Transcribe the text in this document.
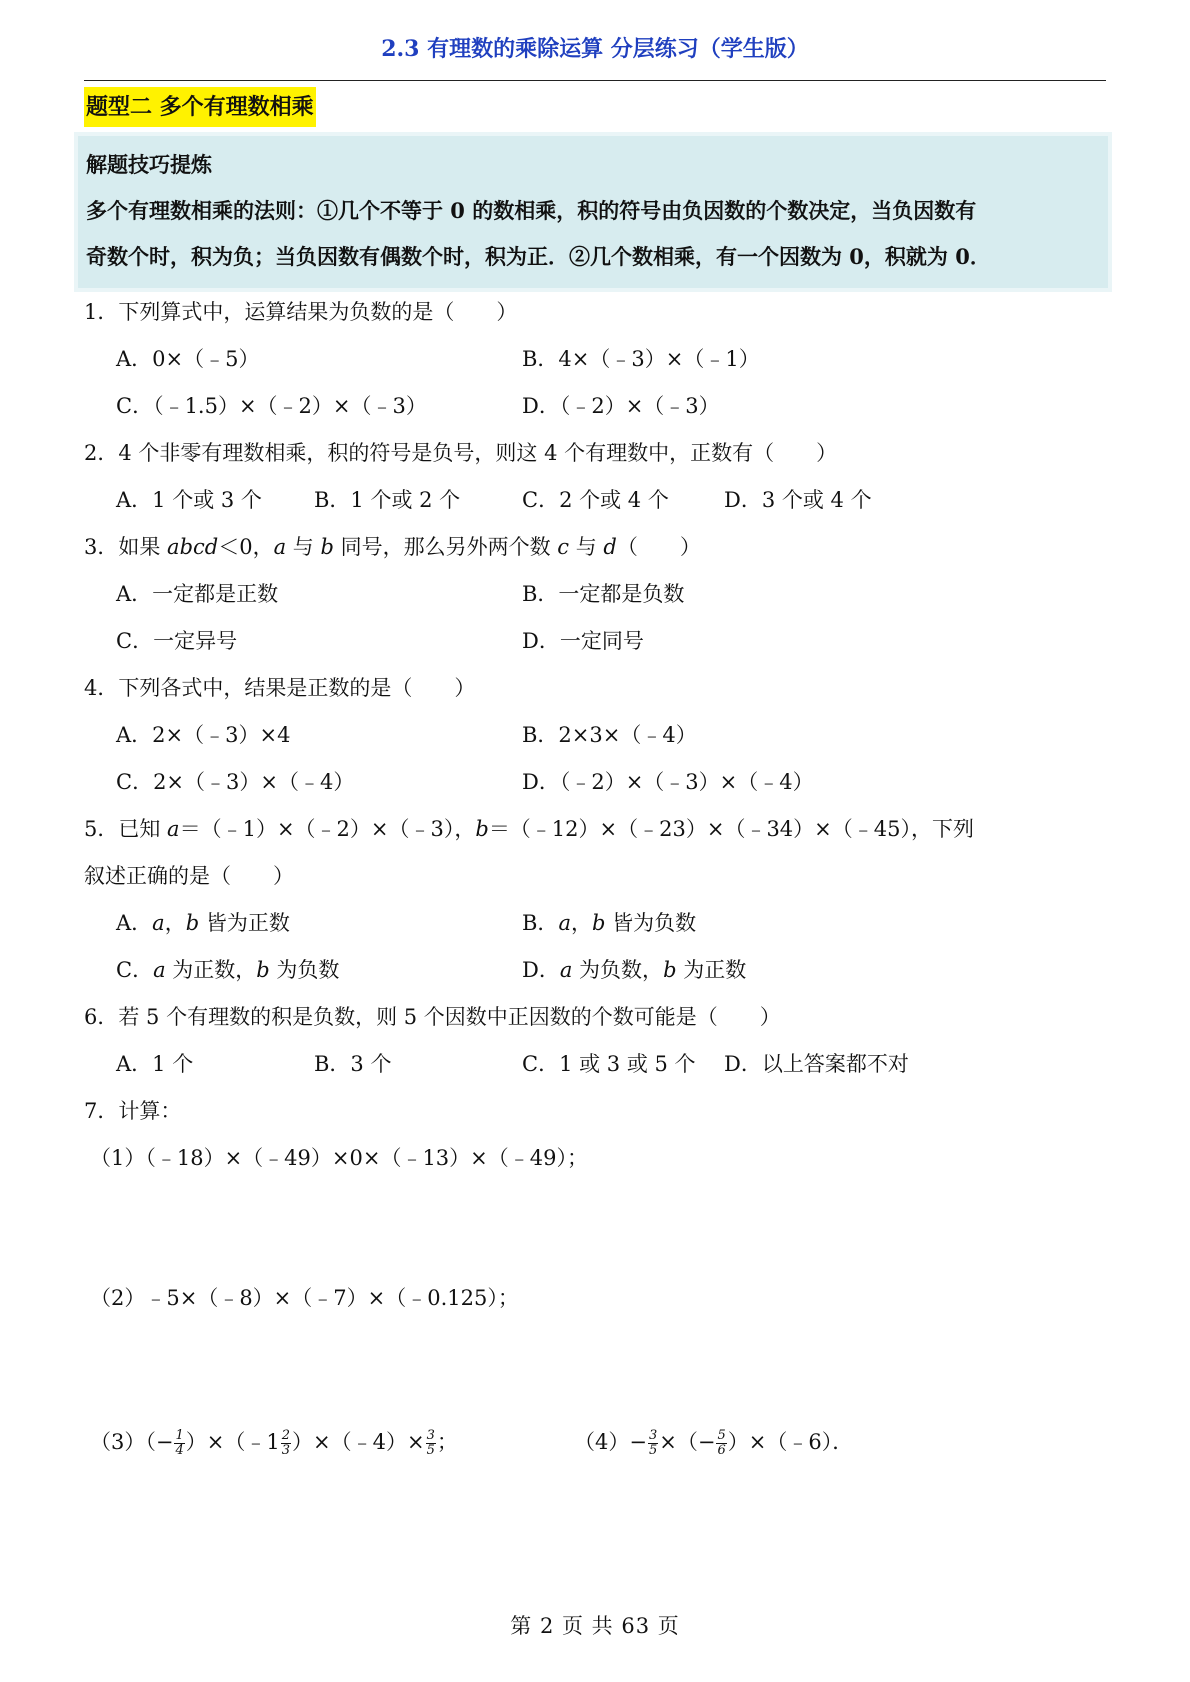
2.3 有理数的乘除运算 分层练习（学生版）
题型二 多个有理数相乘
解题技巧提炼
多个有理数相乘的法则：①几个不等于 0 的数相乘，积的符号由负因数的个数决定，当负因数有
奇数个时，积为负；当负因数有偶数个时，积为正．②几个数相乘，有一个因数为 0，积就为 0．
1．下列算式中，运算结果为负数的是（　　）
A．0×（﹣5）	B．4×（﹣3）×（﹣1）
C．（﹣1.5）×（﹣2）×（﹣3）	D．（﹣2）×（﹣3）
2．4 个非零有理数相乘，积的符号是负号，则这 4 个有理数中，正数有（　　）
A．1 个或 3 个 B．1 个或 2 个	C．2 个或 4 个	D．3 个或 4 个
3．如果 abcd＜0，a 与 b 同号，那么另外两个数 c 与 d（　　）
A．一定都是正数	B．一定都是负数
C．一定异号	D．一定同号
4．下列各式中，结果是正数的是（　　）
A．2×（﹣3）×4	B．2×3×（﹣4）
C．2×（﹣3）×（﹣4）	D．（﹣2）×（﹣3）×（﹣4）
5．已知 a＝（﹣1）×（﹣2）×（﹣3），b＝（﹣12）×（﹣23）×（﹣34）×（﹣45），下列
叙述正确的是（　　）
A．a，b 皆为正数	B．a，b 皆为负数
C．a 为正数，b 为负数	D．a 为负数，b 为正数
6．若 5 个有理数的积是负数，则 5 个因数中正因数的个数可能是（　　）
A．1 个	B．3 个	C．1 或 3 或 5 个 D．以上答案都不对
7．计算：
（1）（﹣18）×（﹣49）×0×（﹣13）×（﹣49）；
（2）﹣5×（﹣8）×（﹣7）×（﹣0.125）；
$(3)(- \frac{1}{4}$ ）×（﹣1 $\frac{2}{3}$ ）×（﹣4）× $\frac{3}{5}$ ；	$(4)- \frac{3}{5}$ ×（− $\frac{5}{6}$ ）×（﹣6）．
第 2 页 共 63 页
